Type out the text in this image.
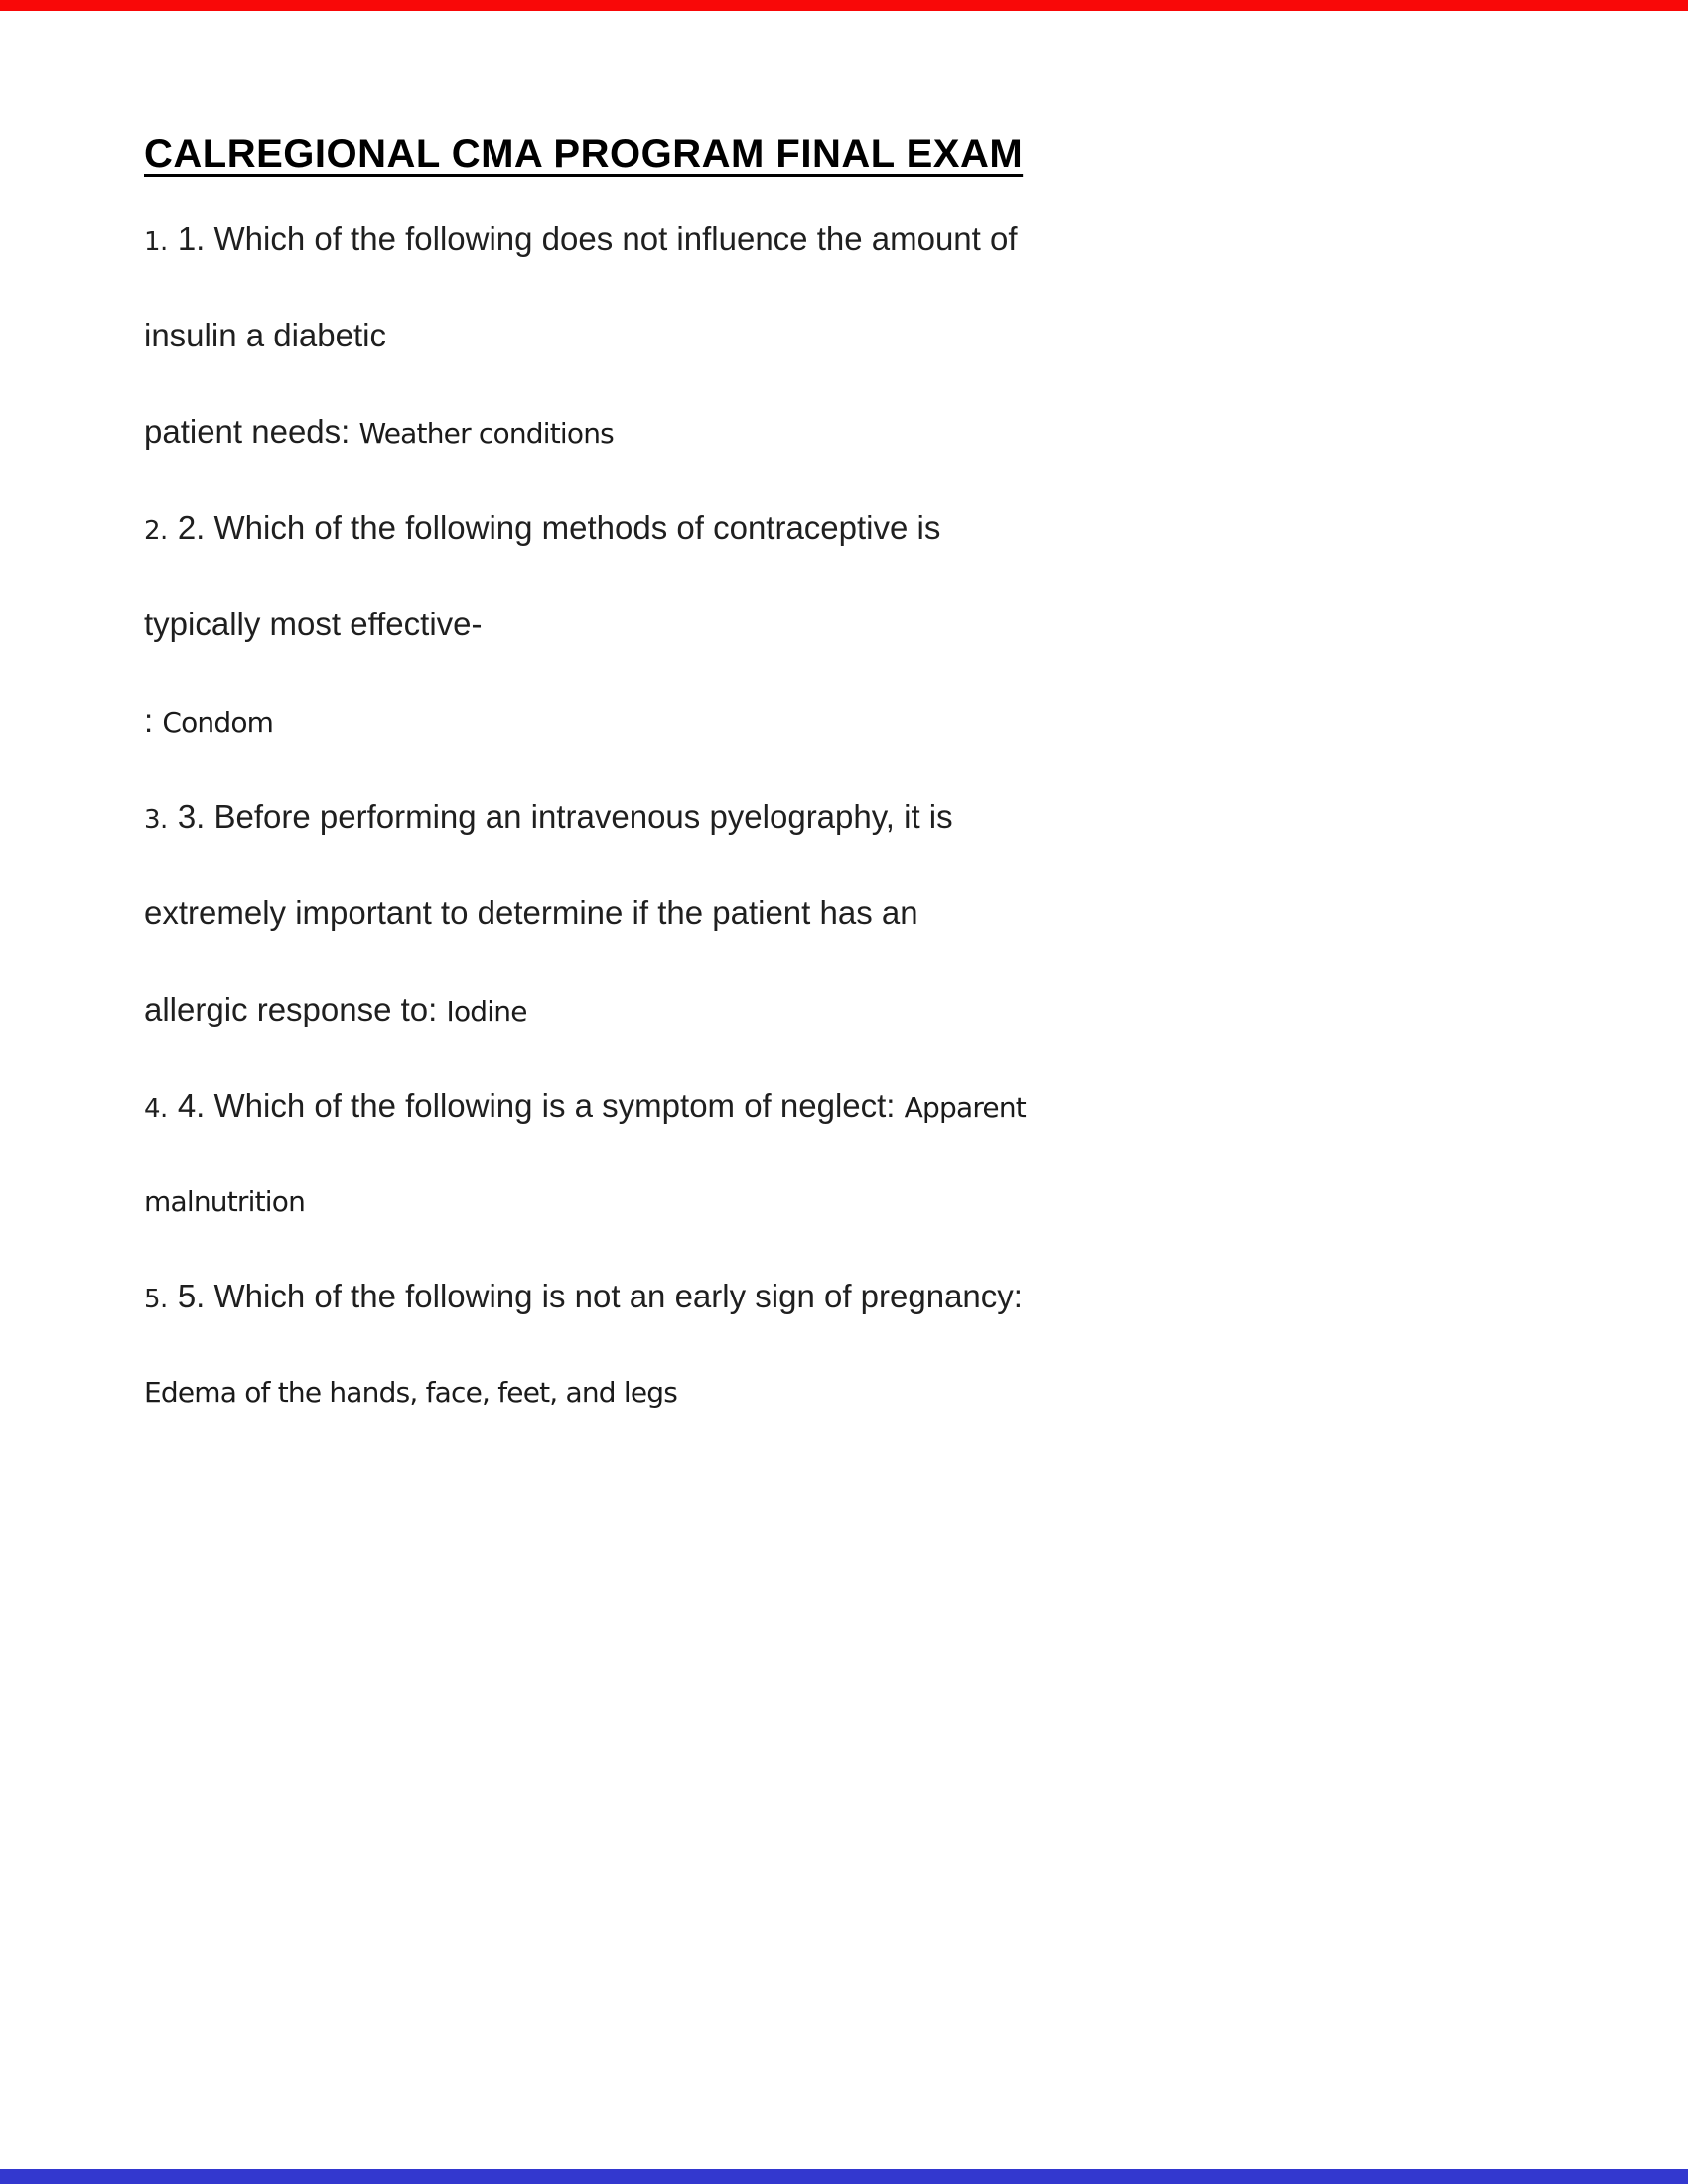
CALREGIONAL CMA PROGRAM FINAL EXAM
1. 1. Which of the following does not influence the amount of
insulin a diabetic
patient needs: Weather conditions
2. 2. Which of the following methods of contraceptive is
typically most effective-
: Condom
3. 3. Before performing an intravenous pyelography, it is
extremely important to determine if the patient has an
allergic response to: Iodine
4. 4. Which of the following is a symptom of neglect: Apparent
malnutrition
5. 5. Which of the following is not an early sign of pregnancy:
Edema of the hands, face, feet, and legs
